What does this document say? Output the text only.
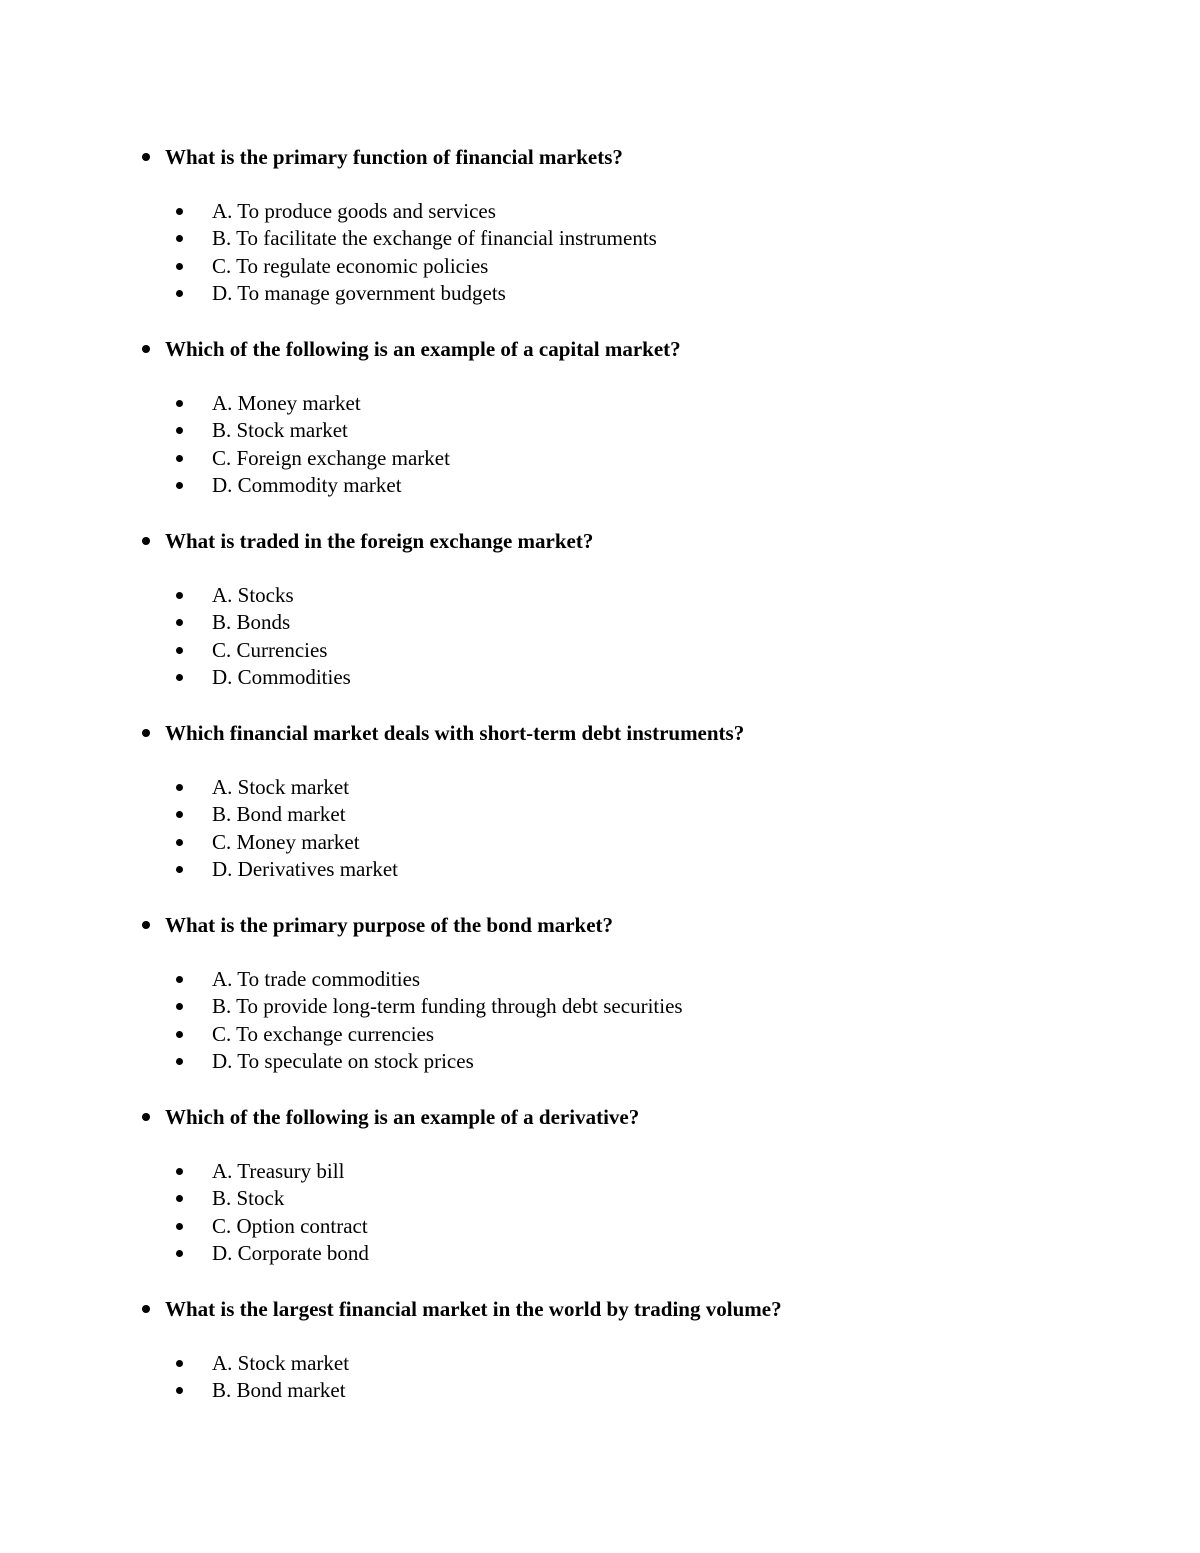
What is the primary function of financial markets?
A. To produce goods and services
B. To facilitate the exchange of financial instruments
C. To regulate economic policies
D. To manage government budgets
Which of the following is an example of a capital market?
A. Money market
B. Stock market
C. Foreign exchange market
D. Commodity market
What is traded in the foreign exchange market?
A. Stocks
B. Bonds
C. Currencies
D. Commodities
Which financial market deals with short-term debt instruments?
A. Stock market
B. Bond market
C. Money market
D. Derivatives market
What is the primary purpose of the bond market?
A. To trade commodities
B. To provide long-term funding through debt securities
C. To exchange currencies
D. To speculate on stock prices
Which of the following is an example of a derivative?
A. Treasury bill
B. Stock
C. Option contract
D. Corporate bond
What is the largest financial market in the world by trading volume?
A. Stock market
B. Bond market
